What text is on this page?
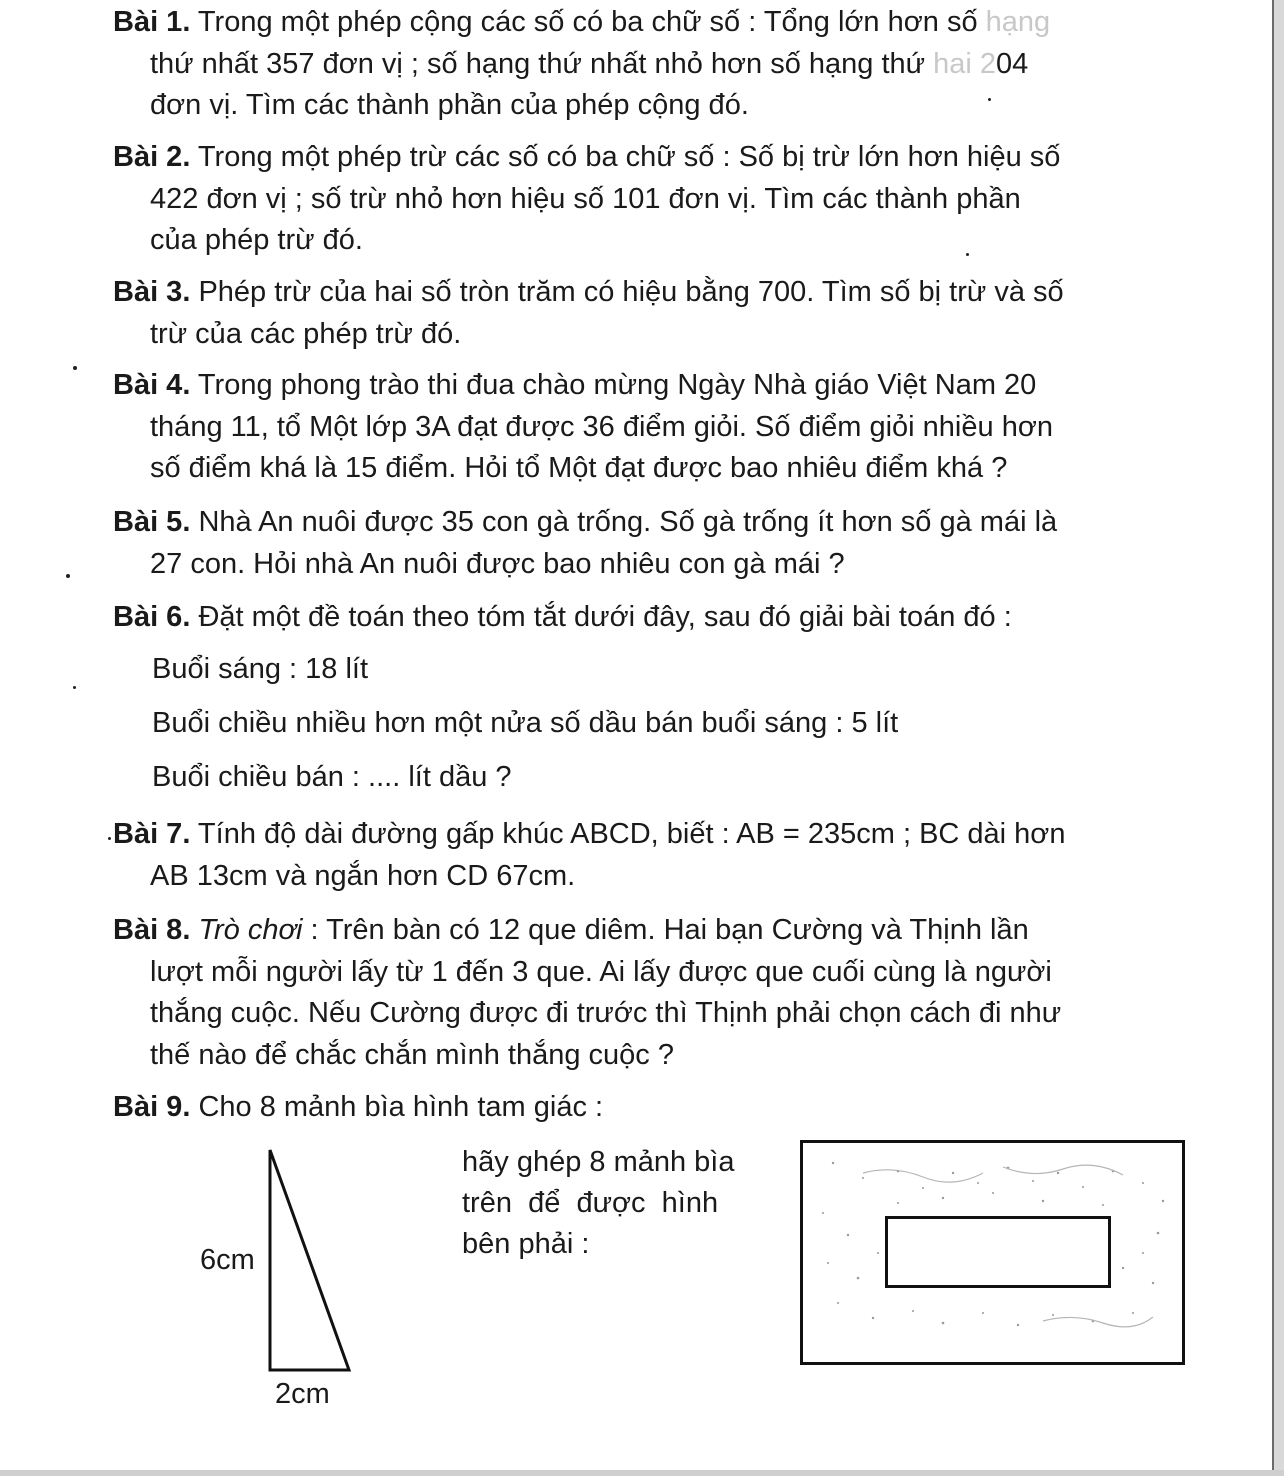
Bài 1. Trong một phép cộng các số có ba chữ số : Tổng lớn hơn số hạng
thứ nhất 357 đơn vị ; số hạng thứ nhất nhỏ hơn số hạng thứ hai 204
đơn vị. Tìm các thành phần của phép cộng đó.
Bài 2. Trong một phép trừ các số có ba chữ số : Số bị trừ lớn hơn hiệu số
422 đơn vị ; số trừ nhỏ hơn hiệu số 101 đơn vị. Tìm các thành phần
của phép trừ đó.
Bài 3. Phép trừ của hai số tròn trăm có hiệu bằng 700. Tìm số bị trừ và số
trừ của các phép trừ đó.
Bài 4. Trong phong trào thi đua chào mừng Ngày Nhà giáo Việt Nam 20
tháng 11, tổ Một lớp 3A đạt được 36 điểm giỏi. Số điểm giỏi nhiều hơn
số điểm khá là 15 điểm. Hỏi tổ Một đạt được bao nhiêu điểm khá ?
Bài 5. Nhà An nuôi được 35 con gà trống. Số gà trống ít hơn số gà mái là
27 con. Hỏi nhà An nuôi được bao nhiêu con gà mái ?
Bài 6. Đặt một đề toán theo tóm tắt dưới đây, sau đó giải bài toán đó :
Buổi sáng : 18 lít
Buổi chiều nhiều hơn một nửa số dầu bán buổi sáng : 5 lít
Buổi chiều bán : .... lít dầu ?
Bài 7. Tính độ dài đường gấp khúc ABCD, biết : AB = 235cm ; BC dài hơn
AB 13cm và ngắn hơn CD 67cm.
Bài 8. Trò chơi : Trên bàn có 12 que diêm. Hai bạn Cường và Thịnh lần
lượt mỗi người lấy từ 1 đến 3 que. Ai lấy được que cuối cùng là người
thắng cuộc. Nếu Cường được đi trước thì Thịnh phải chọn cách đi như
thế nào để chắc chắn mình thắng cuộc ?
Bài 9. Cho 8 mảnh bìa hình tam giác :
6cm
2cm
hãy ghép 8 mảnh bìa
trên  để  được  hình
bên phải :
